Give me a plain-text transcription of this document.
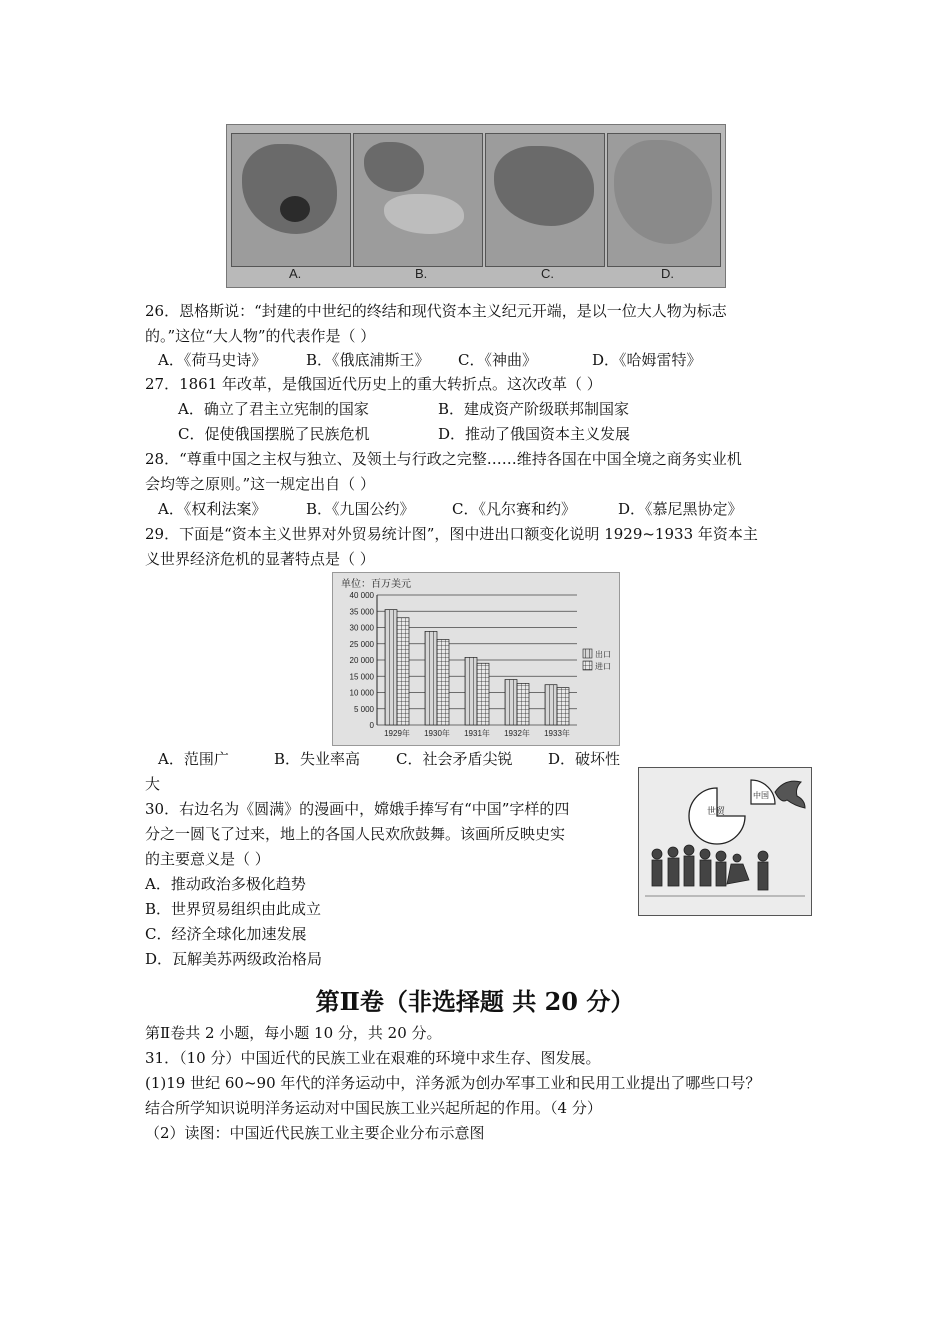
A.	B.	C.	D.
26．恩格斯说：“封建的中世纪的终结和现代资本主义纪元开端，是以一位大人物为标志
的。”这位“大人物”的代表作是（ ）
A．《荷马史诗》	B．《俄底浦斯王》 C．《神曲》	D．《哈姆雷特》
27．1861 年改革，是俄国近代历史上的重大转折点。这次改革（ ）
A．确立了君主立宪制的国家	B．建成资产阶级联邦制国家
C．促使俄国摆脱了民族危机	D．推动了俄国资本主义发展
28．“尊重中国之主权与独立、及领土与行政之完整……维持各国在中国全境之商务实业机
会均等之原则。”这一规定出自（ ）
A．《权利法案》	B．《九国公约》 C．《凡尔赛和约》	D．《慕尼黑协定》
29．下面是“资本主义世界对外贸易统计图”，图中进出口额变化说明 1929~1933 年资本主
义世界经济危机的显著特点是（ ）
单位：百万美元
0
5 000
10 000
15 000
20 000
25 000
30 000
35 000
40 000
1929年 1930年 1931年 1932年 1933年
出口
进口
A．范围广	B．失业率高 C．社会矛盾尖锐 D．破坏性
大
30．右边名为《圆满》的漫画中，嫦娥手捧写有“中国”字样的四
分之一圆飞了过来，地上的各国人民欢欣鼓舞。该画所反映史实
的主要意义是（ ）
A．推动政治多极化趋势
B．世界贸易组织由此成立
C．经济全球化加速发展
D．瓦解美苏两级政治格局
世贸
中国
第Ⅱ卷（非选择题 共 20 分）
第Ⅱ卷共 2 小题，每小题 10 分，共 20 分。
31．（10 分）中国近代的民族工业在艰难的环境中求生存、图发展。
(1)19 世纪 60~90 年代的洋务运动中，洋务派为创办军事工业和民用工业提出了哪些口号？
结合所学知识说明洋务运动对中国民族工业兴起所起的作用。（4 分）
（2）读图：中国近代民族工业主要企业分布示意图
